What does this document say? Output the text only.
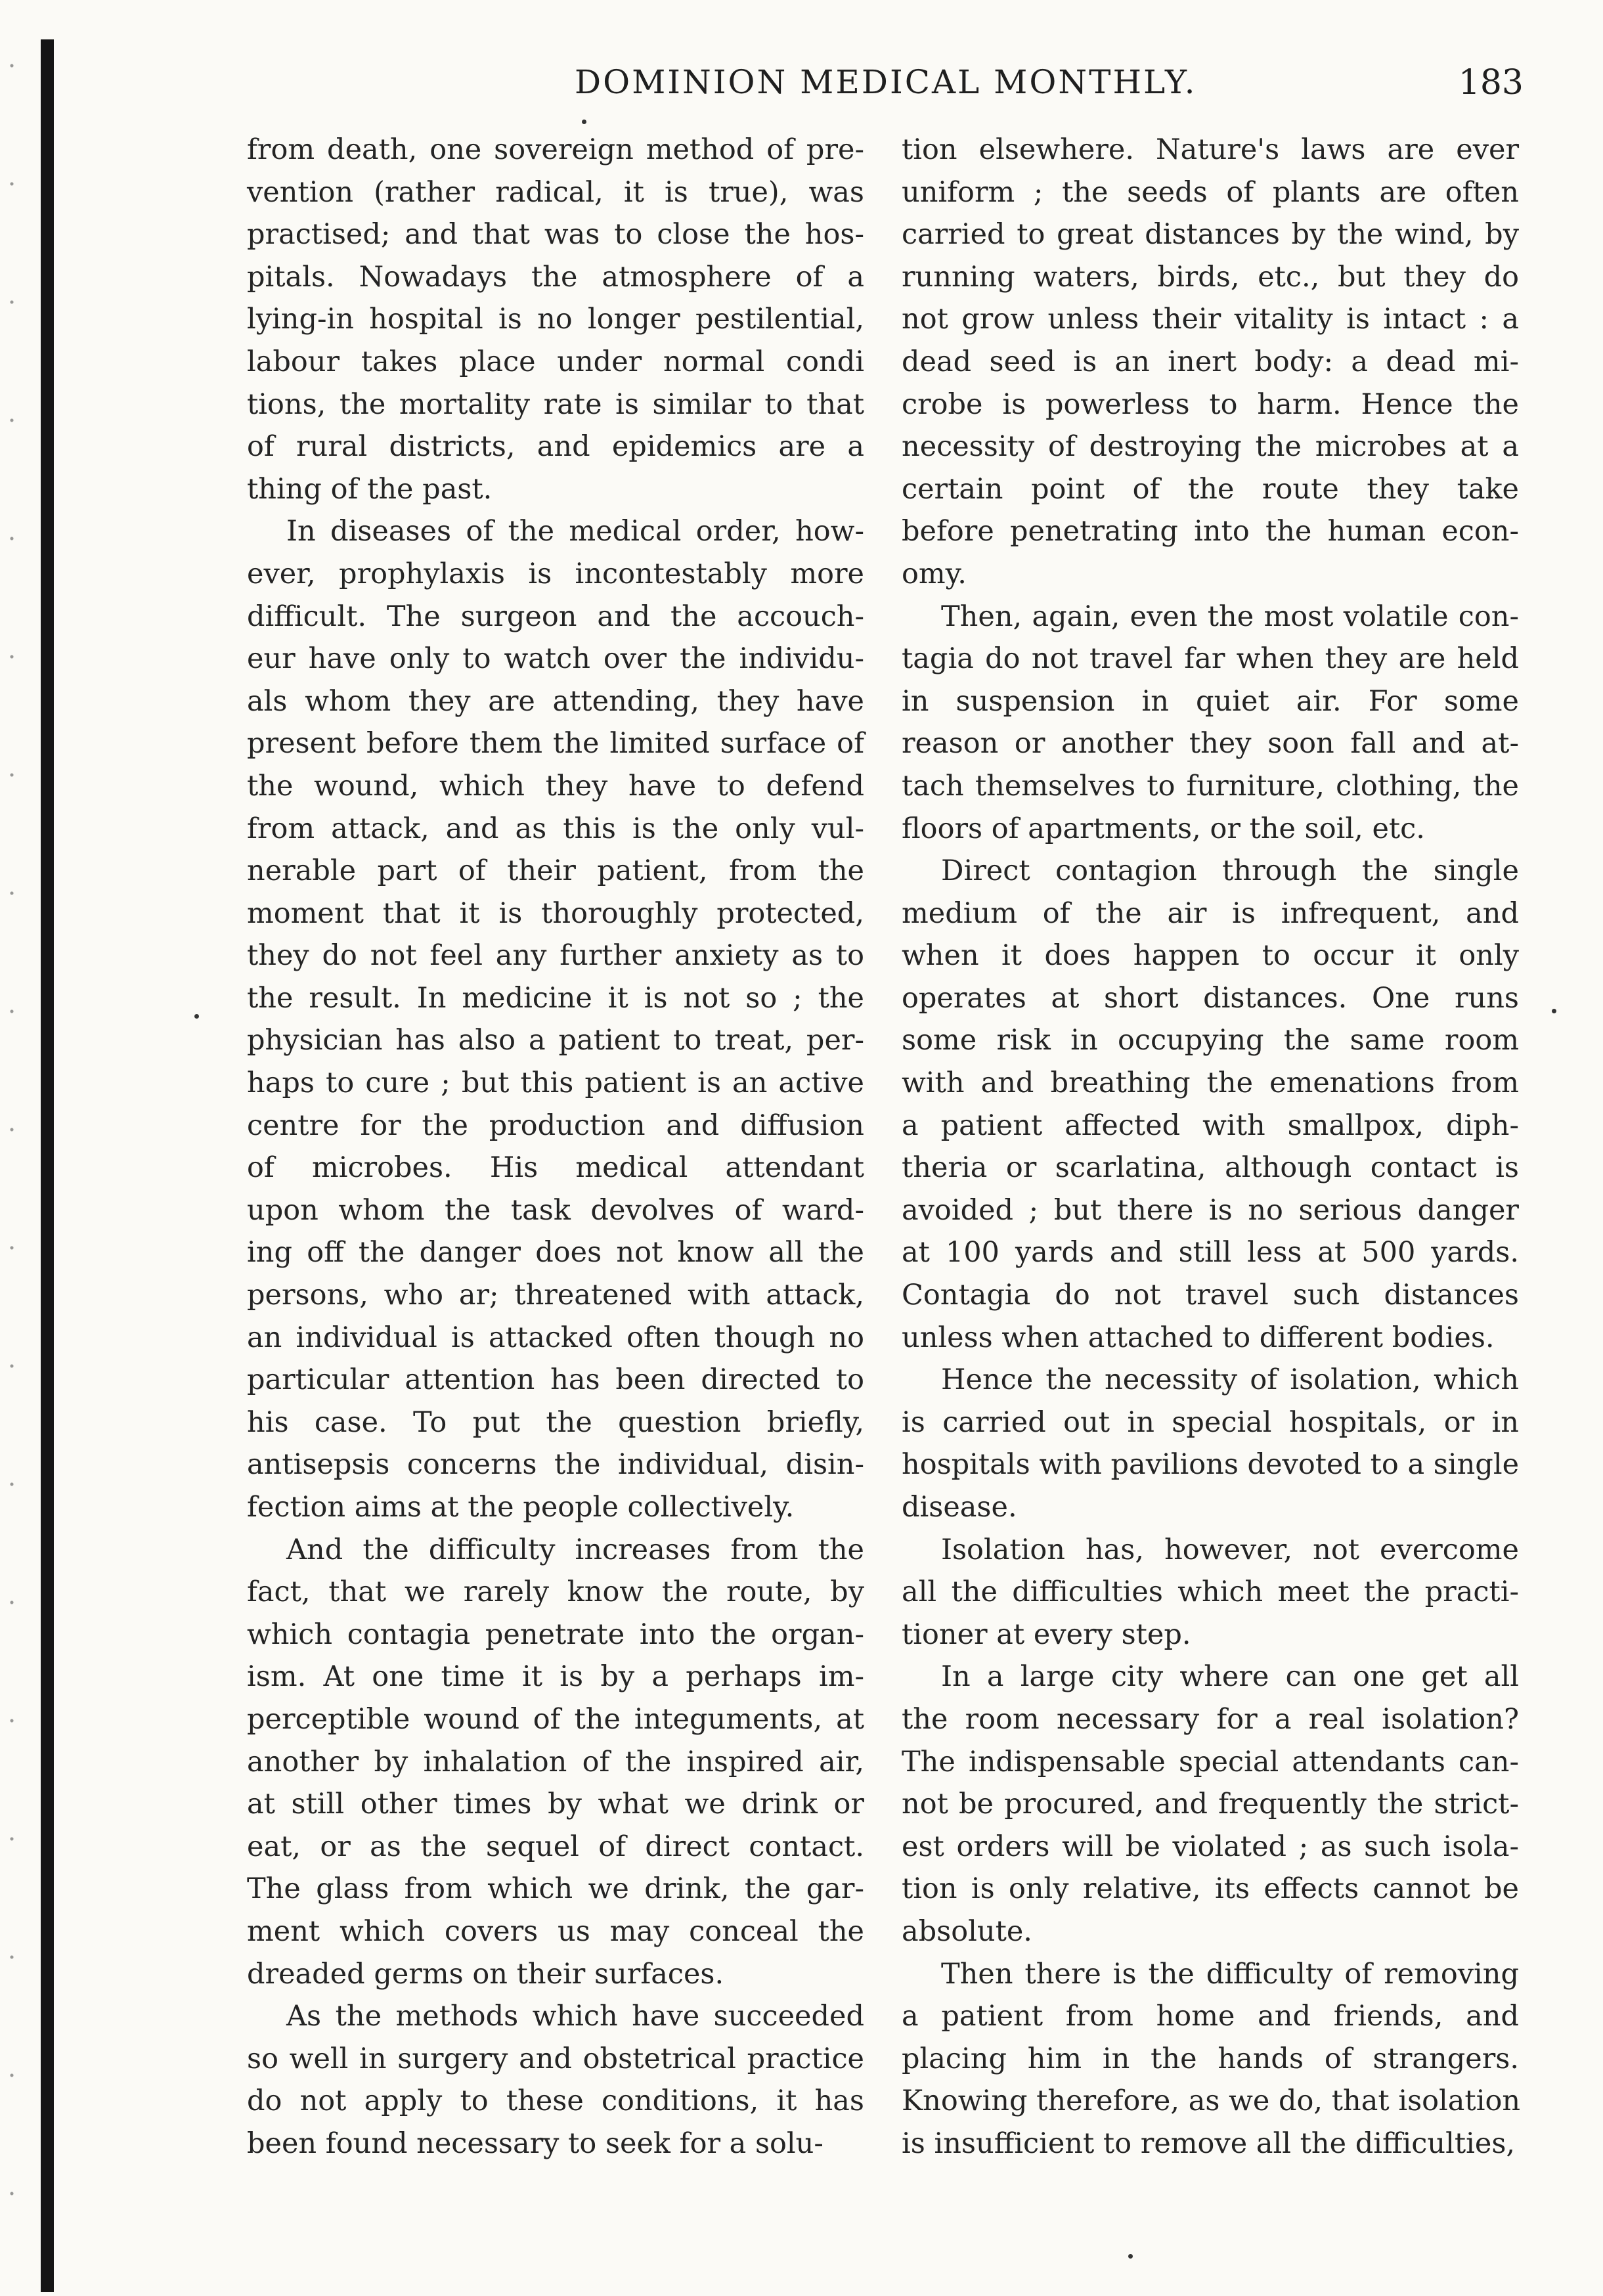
DOMINION MEDICAL MONTHLY.	183

from death, one sovereign method of pre-
vention (rather radical, it is true), was
practised; and that was to close the hos-
pitals. Nowadays the atmosphere of a
lying-in hospital is no longer pestilential,
labour takes place under normal condi
tions, the mortality rate is similar to that
of rural districts, and epidemics are a
thing of the past.

In diseases of the medical order, how-
ever, prophylaxis is incontestably more
difficult. The surgeon and the accouch-
eur have only to watch over the individu-
als whom they are attending, they have
present before them the limited surface of
the wound, which they have to defend
from attack, and as this is the only vul-
nerable part of their patient, from the
moment that it is thoroughly protected,
they do not feel any further anxiety as to
the result. In medicine it is not so ; the
physician has also a patient to treat, per-
haps to cure ; but this patient is an active
centre for the production and diffusion
of microbes. His medical attendant
upon whom the task devolves of ward-
ing off the danger does not know all the
persons, who ar; threatened with attack,
an individual is attacked often though no
particular attention has been directed to
his case. To put the question briefly,
antisepsis concerns the individual, disin-
fection aims at the people collectively.

And the difficulty increases from the
fact, that we rarely know the route, by
which contagia penetrate into the organ-
ism. At one time it is by a perhaps im-
perceptible wound of the integuments, at
another by inhalation of the inspired air,
at still other times by what we drink or
eat, or as the sequel of direct contact.
The glass from which we drink, the gar-
ment which covers us may conceal the
dreaded germs on their surfaces.

As the methods which have succeeded
so well in surgery and obstetrical practice
do not apply to these conditions, it has
been found necessary to seek for a solu-

tion elsewhere. Nature's laws are ever
uniform ; the seeds of plants are often
carried to great distances by the wind, by
running waters, birds, etc., but they do
not grow unless their vitality is intact : a
dead seed is an inert body: a dead mi-
crobe is powerless to harm. Hence the
necessity of destroying the microbes at a
certain point of the route they take
before penetrating into the human econ-
omy.

Then, again, even the most volatile con-
tagia do not travel far when they are held
in suspension in quiet air. For some
reason or another they soon fall and at-
tach themselves to furniture, clothing, the
floors of apartments, or the soil, etc.

Direct contagion through the single
medium of the air is infrequent, and
when it does happen to occur it only
operates at short distances. One runs
some risk in occupying the same room
with and breathing the emenations from
a patient affected with smallpox, diph-
theria or scarlatina, although contact is
avoided ; but there is no serious danger
at 100 yards and still less at 500 yards.
Contagia do not travel such distances
unless when attached to different bodies.

Hence the necessity of isolation, which
is carried out in special hospitals, or in
hospitals with pavilions devoted to a single
disease.

Isolation has, however, not evercome
all the difficulties which meet the practi-
tioner at every step.

In a large city where can one get all
the room necessary for a real isolation?
The indispensable special attendants can-
not be procured, and frequently the strict-
est orders will be violated ; as such isola-
tion is only relative, its effects cannot be
absolute.

Then there is the difficulty of removing
a patient from home and friends, and
placing him in the hands of strangers.
Knowing therefore, as we do, that isolation
is insufficient to remove all the difficulties,
